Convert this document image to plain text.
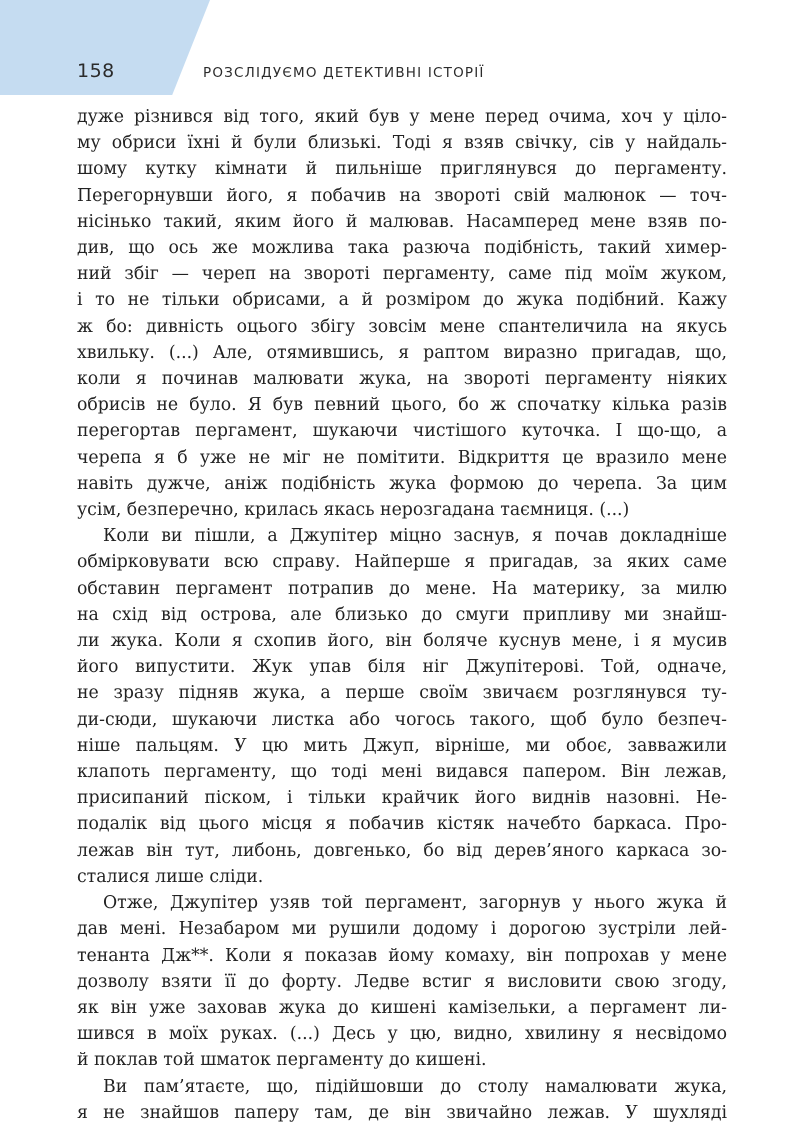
158	РОЗСЛІДУЄМО ДЕТЕКТИВНІ ІСТОРІЇ

дуже різнився від того, який був у мене перед очима, хоч у ціло-
му обриси їхні й були близькі. Тоді я взяв свічку, сів у найдаль-
шому кутку кімнати й пильніше приглянувся до пергаменту.
Перегорнувши його, я побачив на звороті свій малюнок — точ-
нісінько такий, яким його й малював. Насамперед мене взяв по-
див, що ось же можлива така разюча подібність, такий химер-
ний збіг — череп на звороті пергаменту, саме під моїм жуком,
і то не тільки обрисами, а й розміром до жука подібний. Кажу
ж бо: дивність оцього збігу зовсім мене спантеличила на якусь
хвильку. (...) Але, отямившись, я раптом виразно пригадав, що,
коли я починав малювати жука, на звороті пергаменту ніяких
обрисів не було. Я був певний цього, бо ж спочатку кілька разів
перегортав пергамент, шукаючи чистішого куточка. І що-що, а
черепа я б уже не міг не помітити. Відкриття це вразило мене
навіть дужче, аніж подібність жука формою до черепа. За цим
усім, безперечно, крилась якась нерозгадана таємниця. (...)

Коли ви пішли, а Джупітер міцно заснув, я почав докладніше
обмірковувати всю справу. Найперше я пригадав, за яких саме
обставин пергамент потрапив до мене. На материку, за милю
на схід від острова, але близько до смуги припливу ми знайш-
ли жука. Коли я схопив його, він боляче куснув мене, і я мусив
його випустити. Жук упав біля ніг Джупітерові. Той, одначе,
не зразу підняв жука, а перше своїм звичаєм розглянувся ту-
ди-сюди, шукаючи листка або чогось такого, щоб було безпеч-
ніше пальцям. У цю мить Джуп, вірніше, ми обоє, завважили
клапоть пергаменту, що тоді мені видався папером. Він лежав,
присипаний піском, і тільки крайчик його виднів назовні. Не-
подалік від цього місця я побачив кістяк начебто баркаса. Про-
лежав він тут, либонь, довгенько, бо від дерев’яного каркаса зо-
сталися лише сліди.

Отже, Джупітер узяв той пергамент, загорнув у нього жука й
дав мені. Незабаром ми рушили додому і дорогою зустріли лей-
тенанта Дж**. Коли я показав йому комаху, він попрохав у мене
дозволу взяти її до форту. Ледве встиг я висловити свою згоду,
як він уже заховав жука до кишені камізельки, а пергамент ли-
шився в моїх руках. (...) Десь у цю, видно, хвилину я несвідомо
й поклав той шматок пергаменту до кишені.

Ви пам’ятаєте, що, підійшовши до столу намалювати жука,
я не знайшов паперу там, де він звичайно лежав. У шухляді
